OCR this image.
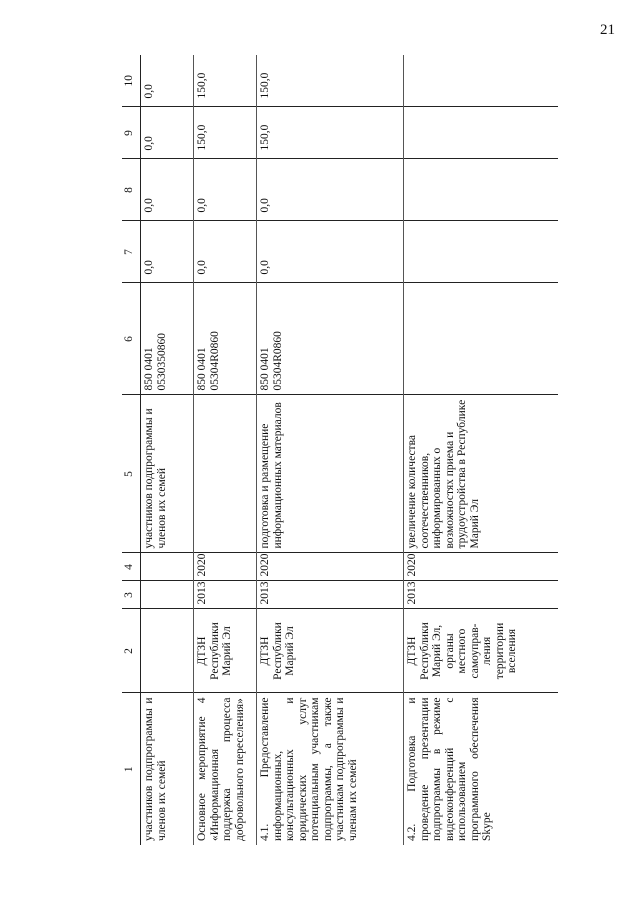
21
1	2	3	4	5	6	7	8	9	10
участников подпрограммы и членов их семей				участников подпрограммы и членов их семей	850 0401 0530350860	0,0	0,0	0,0	0,0
Основное мероприятие 4 «Информационная поддержка процесса добровольного переселения»	ДТЗН Республики Марий Эл	2013	2020		850 0401 05304R0860	0,0	0,0	150,0	150,0
4.1. Предоставление информационных, консультационных и юридических услуг потенциальным участникам подпрограммы, а также участникам подпрограммы и членам их семей	ДТЗН Республики Марий Эл	2013	2020	подготовка и размещение информационных материалов	850 0401 05304R0860	0,0	0,0	150,0	150,0
4.2. Подготовка и проведение презентации подпрограммы в режиме видеоконференций с использованием программного обеспечения Skype	ДТЗН Республики Марий Эл, органы местного самоуправ-ления территории вселения	2013	2020	увеличение количества соотечественников, информированных о возможностях приема и трудоустройства в Республике Марий Эл					
